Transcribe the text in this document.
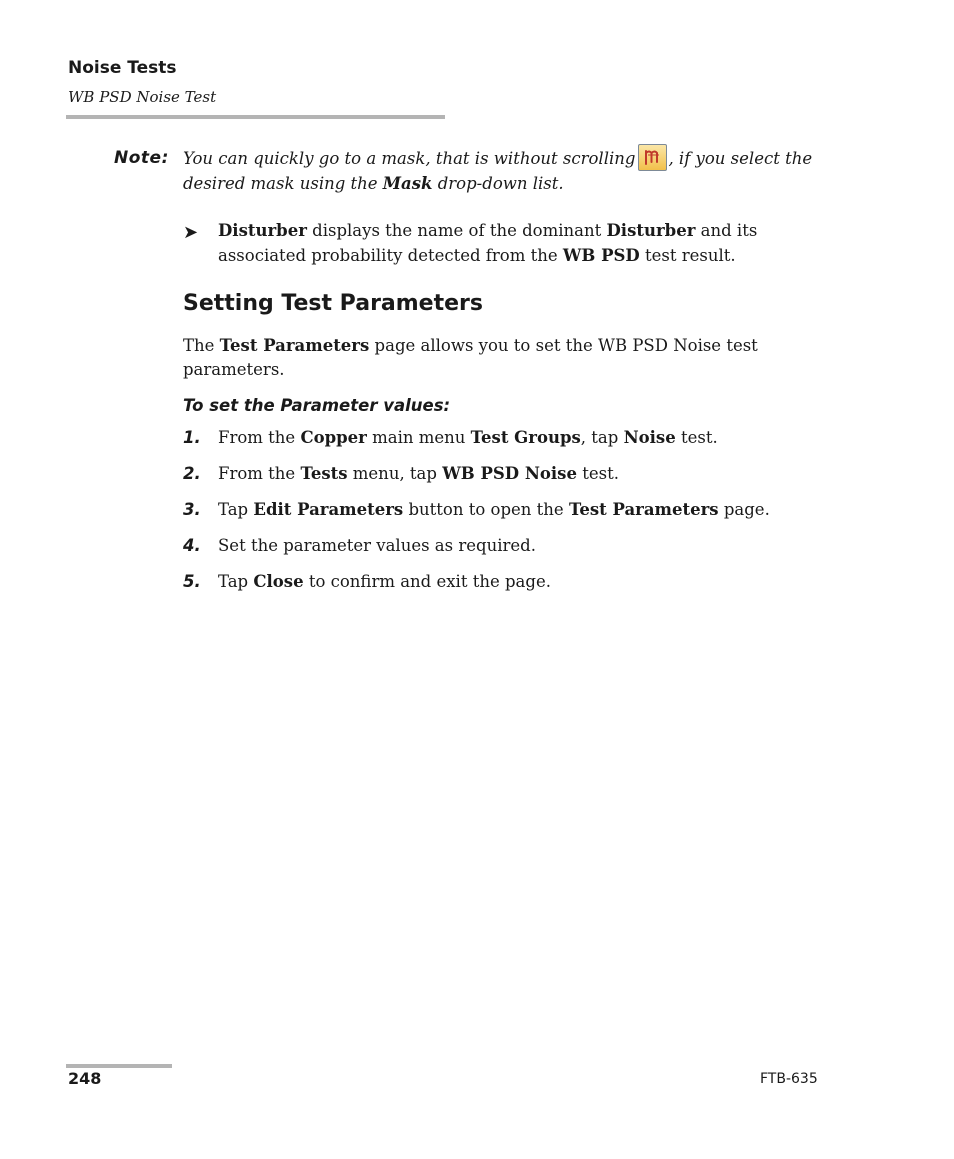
Noise Tests
WB PSD Noise Test
Note: You can quickly go to a mask, that is without scrolling , if you select the desired mask using the Mask drop-down list.
➤ Disturber displays the name of the dominant Disturber and its associated probability detected from the WB PSD test result.
Setting Test Parameters
The Test Parameters page allows you to set the WB PSD Noise test parameters.
To set the Parameter values:
1. From the Copper main menu Test Groups, tap Noise test.
2. From the Tests menu, tap WB PSD Noise test.
3. Tap Edit Parameters button to open the Test Parameters page.
4. Set the parameter values as required.
5. Tap Close to confirm and exit the page.
248	FTB-635
